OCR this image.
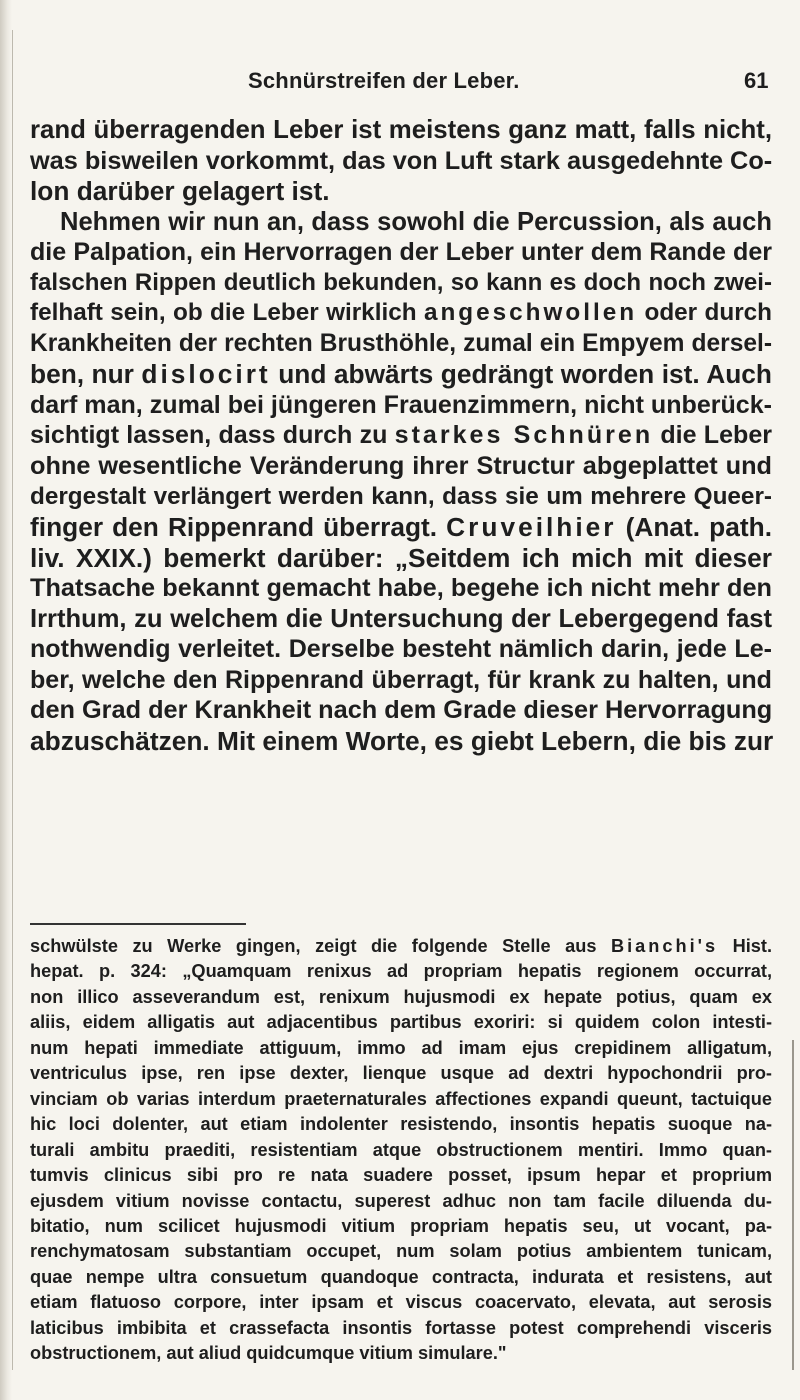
Schnürstreifen der Leber.	61

rand überragenden Leber ist meistens ganz matt, falls nicht,

was bisweilen vorkommt, das von Luft stark ausgedehnte Co-

lon darüber gelagert ist.

Nehmen wir nun an, dass sowohl die Percussion, als auch

die Palpation, ein Hervorragen der Leber unter dem Rande der

falschen Rippen deutlich bekunden, so kann es doch noch zwei-

felhaft sein, ob die Leber wirklich angeschwollen oder durch

Krankheiten der rechten Brusthöhle, zumal ein Empyem dersel-

ben, nur dislocirt und abwärts gedrängt worden ist. Auch

darf man, zumal bei jüngeren Frauenzimmern, nicht unberück-

sichtigt lassen, dass durch zu starkes Schnüren die Leber

ohne wesentliche Veränderung ihrer Structur abgeplattet und

dergestalt verlängert werden kann, dass sie um mehrere Queer-

finger den Rippenrand überragt. Cruveilhier (Anat. path.

liv. XXIX.) bemerkt darüber: „Seitdem ich mich mit dieser

Thatsache bekannt gemacht habe, begehe ich nicht mehr den

Irrthum, zu welchem die Untersuchung der Lebergegend fast

nothwendig verleitet. Derselbe besteht nämlich darin, jede Le-

ber, welche den Rippenrand überragt, für krank zu halten, und

den Grad der Krankheit nach dem Grade dieser Hervorragung

abzuschätzen. Mit einem Worte, es giebt Lebern, die bis zur

schwülste zu Werke gingen, zeigt die folgende Stelle aus Bianchi's Hist.

hepat. p. 324: „Quamquam renixus ad propriam hepatis regionem occurrat,

non illico asseverandum est, renixum hujusmodi ex hepate potius, quam ex

aliis, eidem alligatis aut adjacentibus partibus exoriri: si quidem colon intesti-

num hepati immediate attiguum, immo ad imam ejus crepidinem alligatum,

ventriculus ipse, ren ipse dexter, lienque usque ad dextri hypochondrii pro-

vinciam ob varias interdum praeternaturales affectiones expandi queunt, tactuique

hic loci dolenter, aut etiam indolenter resistendo, insontis hepatis suoque na-

turali ambitu praediti, resistentiam atque obstructionem mentiri. Immo quan-

tumvis clinicus sibi pro re nata suadere posset, ipsum hepar et proprium

ejusdem vitium novisse contactu, superest adhuc non tam facile diluenda du-

bitatio, num scilicet hujusmodi vitium propriam hepatis seu, ut vocant, pa-

renchymatosam substantiam occupet, num solam potius ambientem tunicam,

quae nempe ultra consuetum quandoque contracta, indurata et resistens, aut

etiam flatuoso corpore, inter ipsam et viscus coacervato, elevata, aut serosis

laticibus imbibita et crassefacta insontis fortasse potest comprehendi visceris

obstructionem, aut aliud quidcumque vitium simulare."
